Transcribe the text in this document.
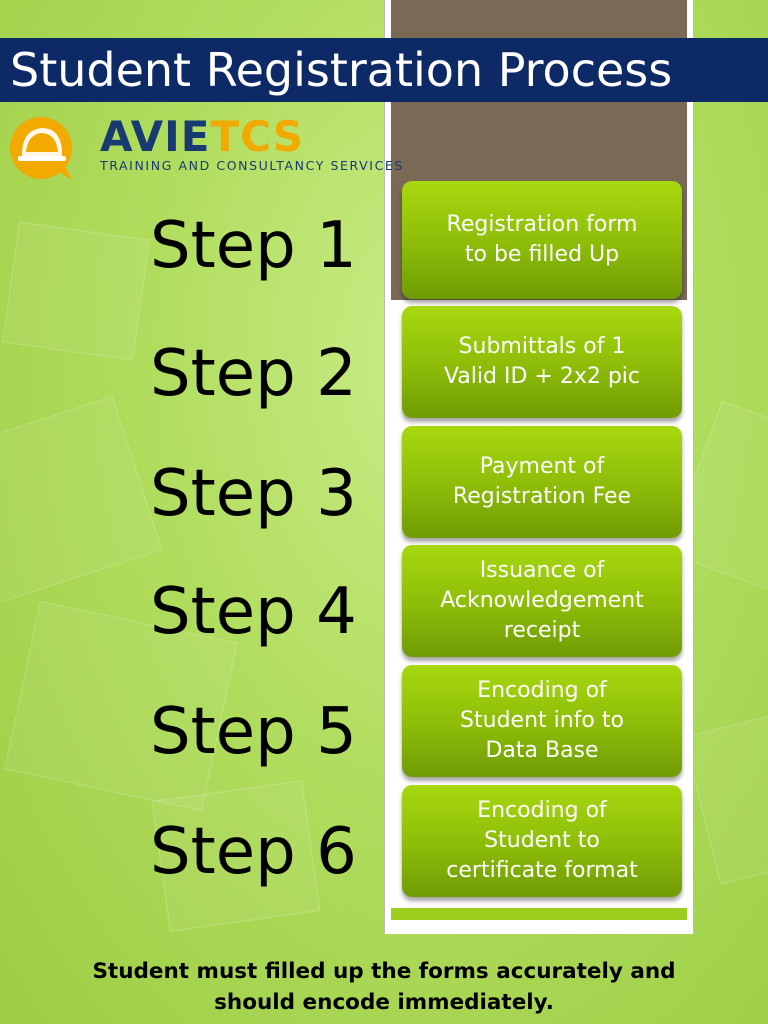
Student Registration Process
AVIETCS
TRAINING AND CONSULTANCY SERVICES
Step 1
Step 2
Step 3
Step 4
Step 5
Step 6
Registration form
to be filled Up
Submittals of 1
Valid ID + 2x2 pic
Payment of
Registration Fee
Issuance of
Acknowledgement
receipt
Encoding of
Student info to
Data Base
Encoding of
Student to
certificate format
Student must filled up the forms accurately and
should encode immediately.
